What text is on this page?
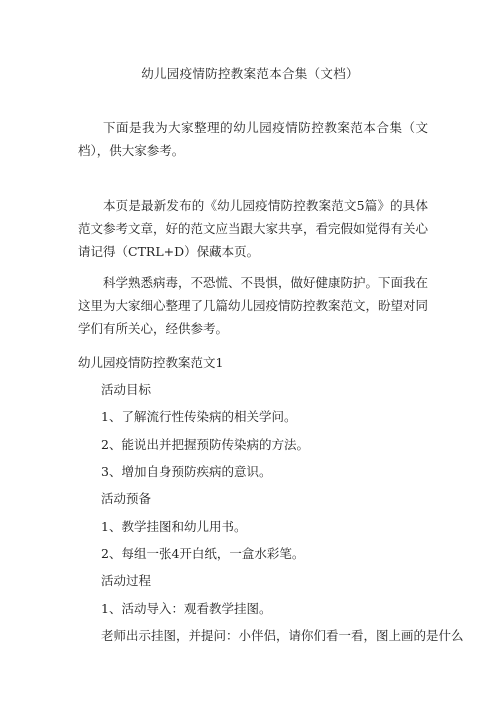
幼儿园疫情防控教案范本合集（文档）

下面是我为大家整理的幼儿园疫情防控教案范本合集（文档），供大家参考。

本页是最新发布的《幼儿园疫情防控教案范文5篇》的具体范文参考文章，好的范文应当跟大家共享，看完假如觉得有关心请记得（CTRL+D）保藏本页。

科学熟悉病毒，不恐慌、不畏惧，做好健康防护。下面我在这里为大家细心整理了几篇幼儿园疫情防控教案范文，盼望对同学们有所关心，经供参考。

幼儿园疫情防控教案范文1

活动目标

1、了解流行性传染病的相关学问。

2、能说出并把握预防传染病的方法。

3、增加自身预防疾病的意识。

活动预备

1、教学挂图和幼儿用书。

2、每组一张4开白纸，一盒水彩笔。

活动过程

1、活动导入：观看教学挂图。

老师出示挂图，并提问：小伴侣，请你们看一看，图上画的是什么
